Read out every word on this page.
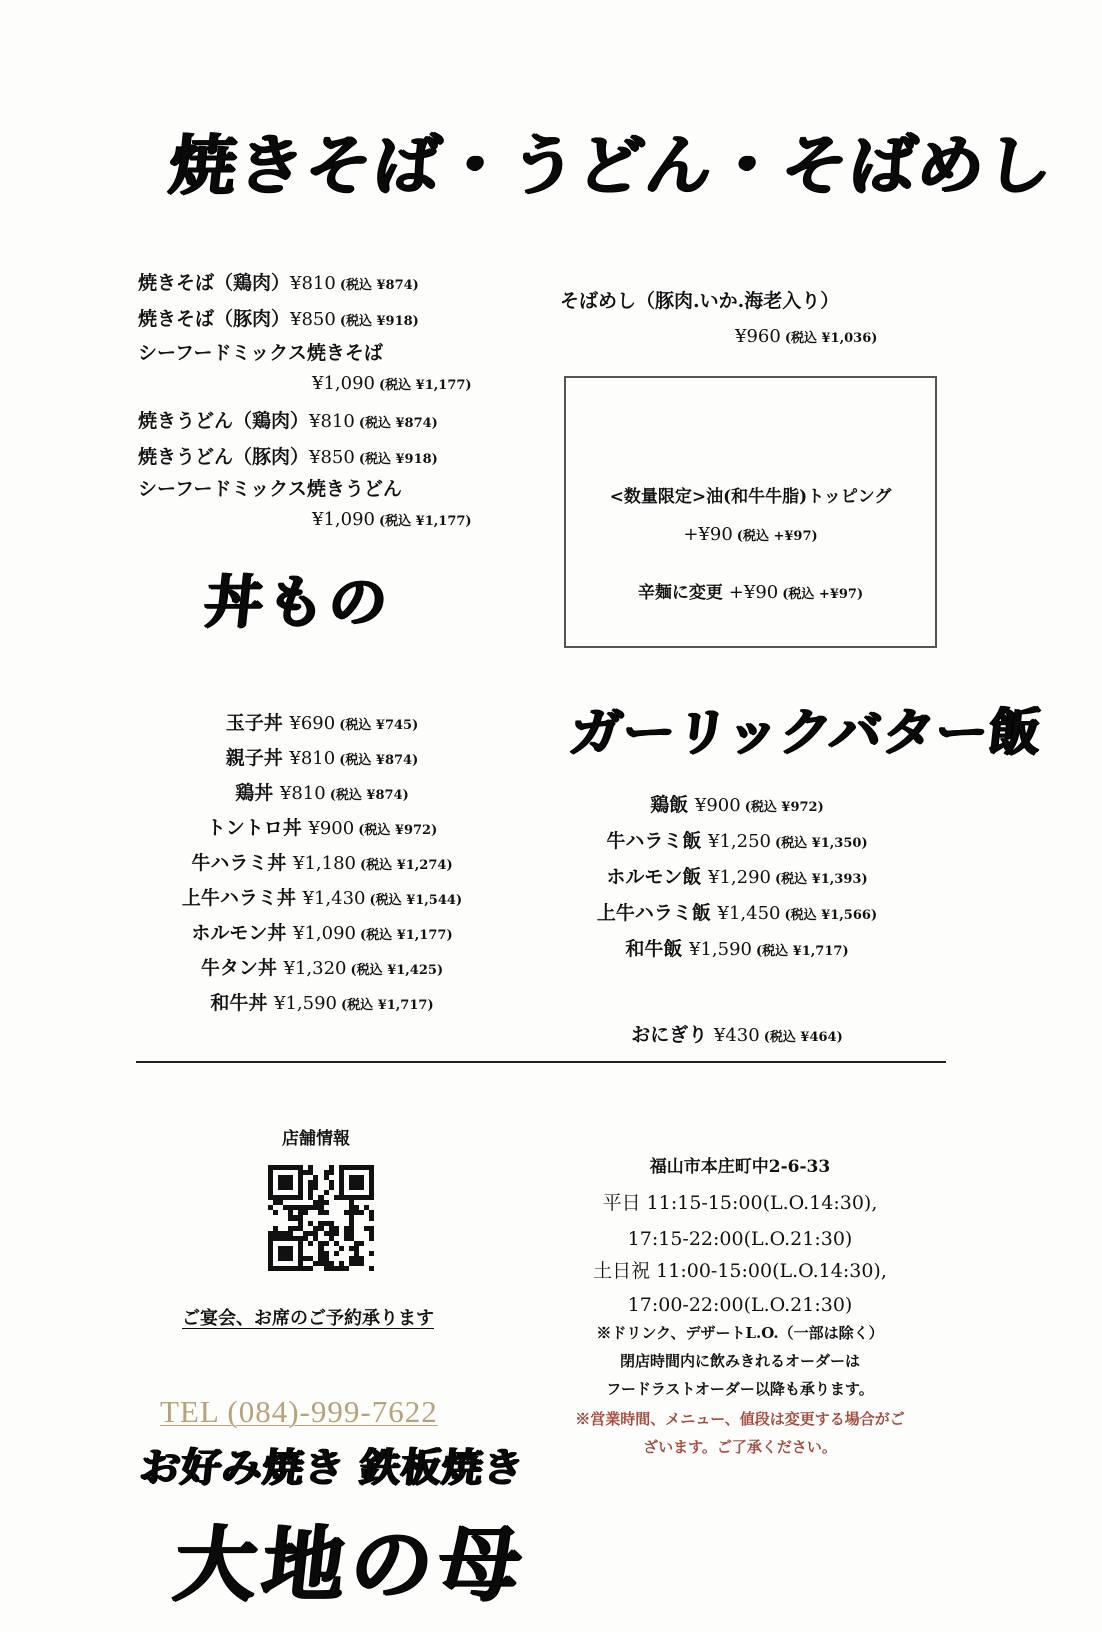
焼きそば・うどん・そばめし
焼きそば（鶏肉）¥810 (税込 ¥874)
焼きそば（豚肉）¥850 (税込 ¥918)
シーフードミックス焼きそば
¥1,090 (税込 ¥1,177)
焼きうどん（鶏肉）¥810 (税込 ¥874)
焼きうどん（豚肉）¥850 (税込 ¥918)
シーフードミックス焼きうどん
¥1,090 (税込 ¥1,177)
そばめし（豚肉.いか.海老入り）
¥960 (税込 ¥1,036)
<数量限定>油(和牛牛脂)トッピング
+¥90 (税込 +¥97)
辛麺に変更 +¥90 (税込 +¥97)
丼もの
玉子丼 ¥690 (税込 ¥745)
親子丼 ¥810 (税込 ¥874)
鶏丼 ¥810 (税込 ¥874)
トントロ丼 ¥900 (税込 ¥972)
牛ハラミ丼 ¥1,180 (税込 ¥1,274)
上牛ハラミ丼 ¥1,430 (税込 ¥1,544)
ホルモン丼 ¥1,090 (税込 ¥1,177)
牛タン丼 ¥1,320 (税込 ¥1,425)
和牛丼 ¥1,590 (税込 ¥1,717)
ガーリックバター飯
鶏飯 ¥900 (税込 ¥972)
牛ハラミ飯 ¥1,250 (税込 ¥1,350)
ホルモン飯 ¥1,290 (税込 ¥1,393)
上牛ハラミ飯 ¥1,450 (税込 ¥1,566)
和牛飯 ¥1,590 (税込 ¥1,717)
おにぎり ¥430 (税込 ¥464)
店舗情報
ご宴会、お席のご予約承ります
TEL (084)-999-7622
お好み焼き 鉄板焼き
大地の母
福山市本庄町中2-6-33
平日 11:15-15:00(L.O.14:30),
17:15-22:00(L.O.21:30)
土日祝 11:00-15:00(L.O.14:30),
17:00-22:00(L.O.21:30)
※ドリンク、デザートL.O.（一部は除く）
閉店時間内に飲みきれるオーダーは
フードラストオーダー以降も承ります。
※営業時間、メニュー、値段は変更する場合がご
ざいます。ご了承ください。
